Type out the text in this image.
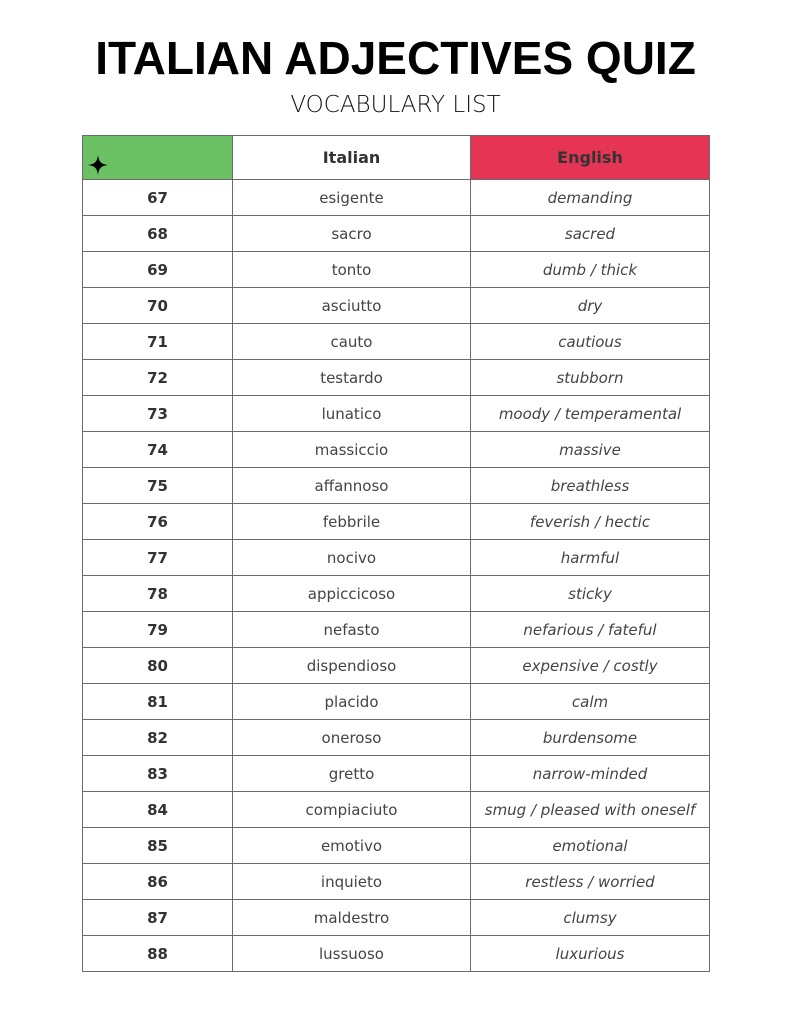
ITALIAN ADJECTIVES QUIZ
VOCABULARY LIST
	Italian	English
67	esigente	demanding
68	sacro	sacred
69	tonto	dumb / thick
70	asciutto	dry
71	cauto	cautious
72	testardo	stubborn
73	lunatico	moody / temperamental
74	massiccio	massive
75	affannoso	breathless
76	febbrile	feverish / hectic
77	nocivo	harmful
78	appiccicoso	sticky
79	nefasto	nefarious / fateful
80	dispendioso	expensive / costly
81	placido	calm
82	oneroso	burdensome
83	gretto	narrow-minded
84	compiaciuto	smug / pleased with oneself
85	emotivo	emotional
86	inquieto	restless / worried
87	maldestro	clumsy
88	lussuoso	luxurious
